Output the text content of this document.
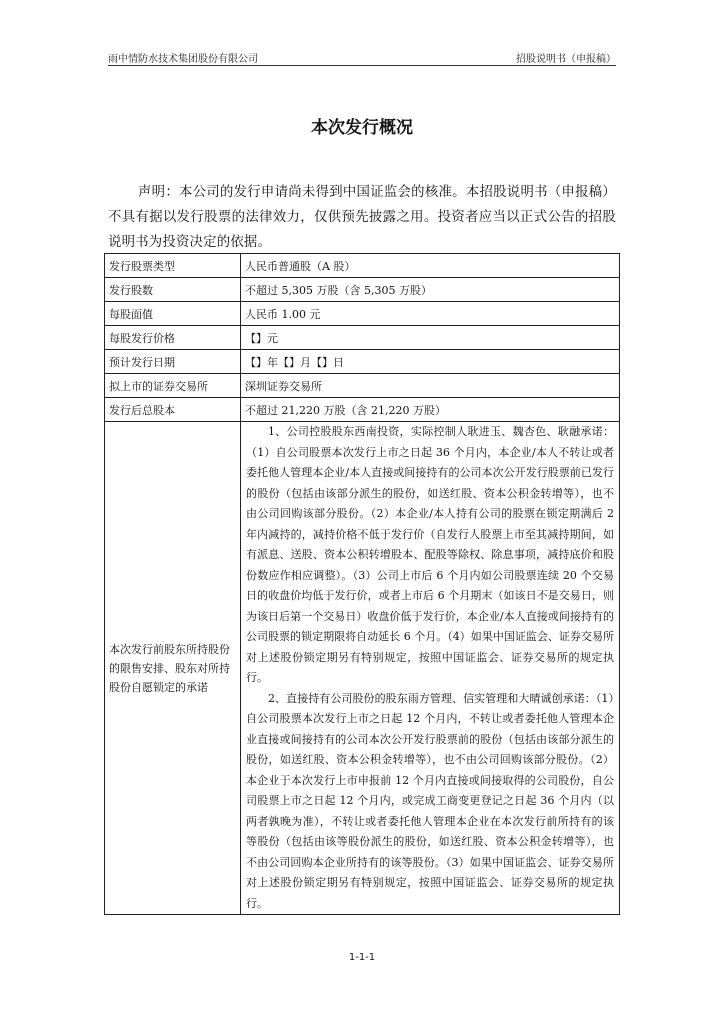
雨中情防水技术集团股份有限公司	招股说明书（申报稿）
本次发行概况

声明：本公司的发行申请尚未得到中国证监会的核准。本招股说明书（申报稿）不具有据以发行股票的法律效力，仅供预先披露之用。投资者应当以正式公告的招股说明书为投资决定的依据。

发行股票类型	人民币普通股（A 股）
发行股数	不超过 5,305 万股（含 5,305 万股）
每股面值	人民币 1.00 元
每股发行价格	【】元
预计发行日期	【】年【】月【】日
拟上市的证券交易所	深圳证券交易所
发行后总股本	不超过 21,220 万股（含 21,220 万股）
本次发行前股东所持股份的限售安排、股东对所持股份自愿锁定的承诺	1、公司控股股东西南投资，实际控制人耿进玉、魏杏色、耿融承诺：（1）自公司股票本次发行上市之日起 36 个月内，本企业/本人不转让或者委托他人管理本企业/本人直接或间接持有的公司本次公开发行股票前已发行的股份（包括由该部分派生的股份，如送红股、资本公积金转增等），也不由公司回购该部分股份。（2）本企业/本人持有公司的股票在锁定期满后 2 年内减持的，减持价格不低于发行价（自发行人股票上市至其减持期间，如有派息、送股、资本公积转增股本、配股等除权、除息事项，减持底价和股份数应作相应调整）。（3）公司上市后 6 个月内如公司股票连续 20 个交易日的收盘价均低于发行价，或者上市后 6 个月期末（如该日不是交易日，则为该日后第一个交易日）收盘价低于发行价，本企业/本人直接或间接持有的公司股票的锁定期限将自动延长 6 个月。（4）如果中国证监会、证券交易所对上述股份锁定期另有特别规定，按照中国证监会、证券交易所的规定执行。

2、直接持有公司股份的股东雨方管理、信实管理和大晴诚创承诺：（1）自公司股票本次发行上市之日起 12 个月内，不转让或者委托他人管理本企业直接或间接持有的公司本次公开发行股票前的股份（包括由该部分派生的股份，如送红股、资本公积金转增等），也不由公司回购该部分股份。（2）本企业于本次发行上市申报前 12 个月内直接或间接取得的公司股份，自公司股票上市之日起 12 个月内，或完成工商变更登记之日起 36 个月内（以两者孰晚为准），不转让或者委托他人管理本企业在本次发行前所持有的该等股份（包括由该等股份派生的股份，如送红股、资本公积金转增等），也不由公司回购本企业所持有的该等股份。（3）如果中国证监会、证券交易所对上述股份锁定期另有特别规定，按照中国证监会、证券交易所的规定执行。

1-1-1
